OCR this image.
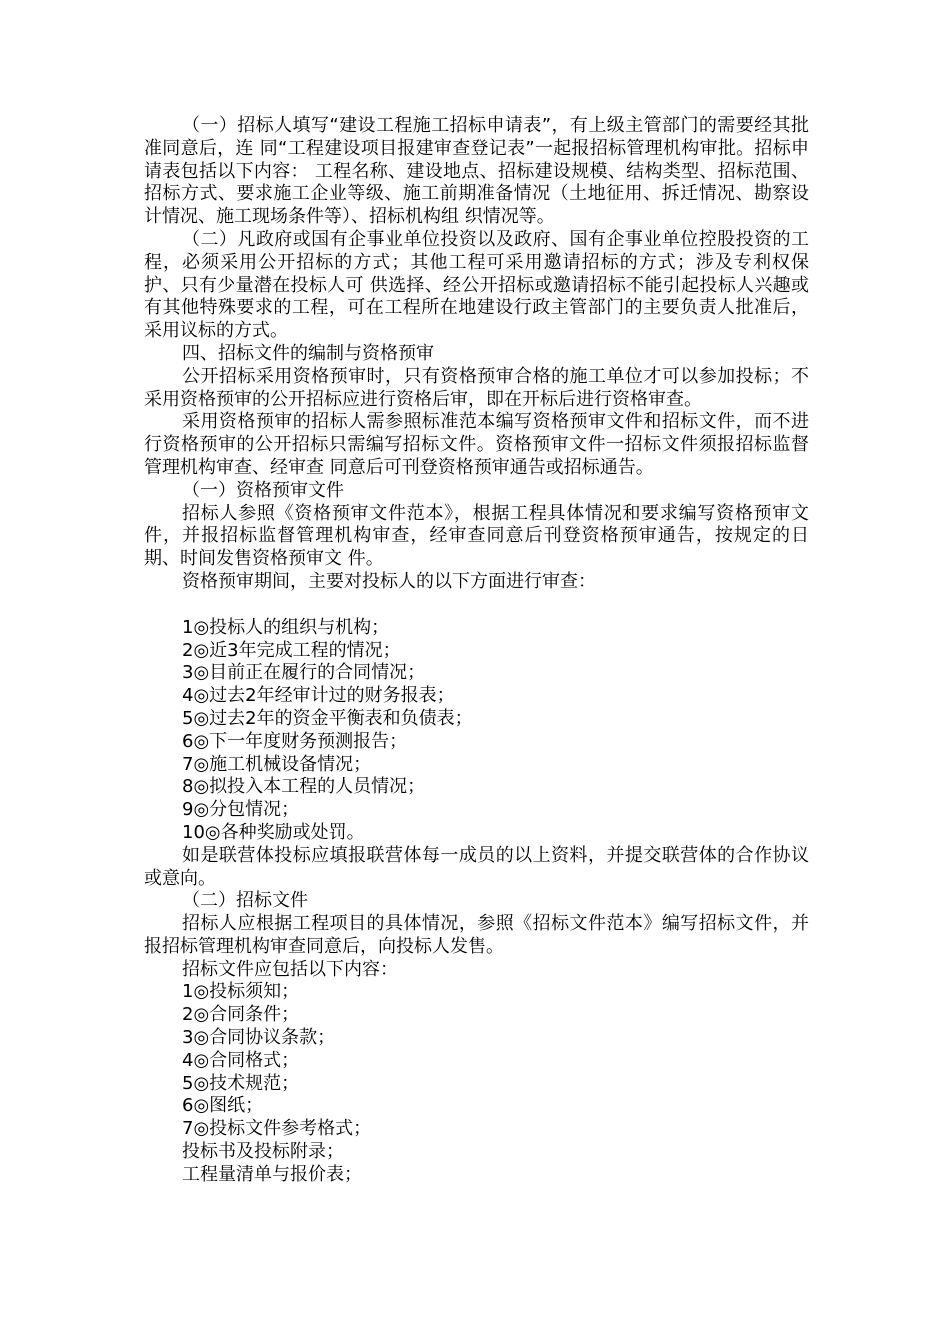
（一）招标人填写“建设工程施工招标申请表”，有上级主管部门的需要经其批准同意后，连 同“工程建设项目报建审查登记表”一起报招标管理机构审批。招标申请表包括以下内容： 工程名称、建设地点、招标建设规模、结构类型、招标范围、招标方式、要求施工企业等级、施工前期准备情况（土地征用、拆迁情况、勘察设计情况、施工现场条件等）、招标机构组 织情况等。

（二）凡政府或国有企事业单位投资以及政府、国有企事业单位控股投资的工程，必须采用公开招标的方式；其他工程可采用邀请招标的方式；涉及专利权保护、只有少量潜在投标人可 供选择、经公开招标或邀请招标不能引起投标人兴趣或有其他特殊要求的工程，可在工程所在地建设行政主管部门的主要负责人批准后，采用议标的方式。

四、招标文件的编制与资格预审

公开招标采用资格预审时，只有资格预审合格的施工单位才可以参加投标；不采用资格预审的公开招标应进行资格后审，即在开标后进行资格审查。

采用资格预审的招标人需参照标准范本编写资格预审文件和招标文件，而不进行资格预审的公开招标只需编写招标文件。资格预审文件一招标文件须报招标监督管理机构审查、经审查 同意后可刊登资格预审通告或招标通告。

（一）资格预审文件

招标人参照《资格预审文件范本》，根据工程具体情况和要求编写资格预审文件，并报招标监督管理机构审查，经审查同意后刊登资格预审通告，按规定的日期、时间发售资格预审文 件。

资格预审期间，主要对投标人的以下方面进行审查：

1◎投标人的组织与机构；

2◎近3年完成工程的情况；

3◎目前正在履行的合同情况；

4◎过去2年经审计过的财务报表；

5◎过去2年的资金平衡表和负债表；

6◎下一年度财务预测报告；

7◎施工机械设备情况；

8◎拟投入本工程的人员情况；

9◎分包情况；

10◎各种奖励或处罚。

如是联营体投标应填报联营体每一成员的以上资料，并提交联营体的合作协议或意向。

（二）招标文件

招标人应根据工程项目的具体情况，参照《招标文件范本》编写招标文件，并报招标管理机构审查同意后，向投标人发售。

招标文件应包括以下内容：

1◎投标须知；

2◎合同条件；

3◎合同协议条款；

4◎合同格式；

5◎技术规范；

6◎图纸；

7◎投标文件参考格式；

投标书及投标附录；

工程量清单与报价表；
